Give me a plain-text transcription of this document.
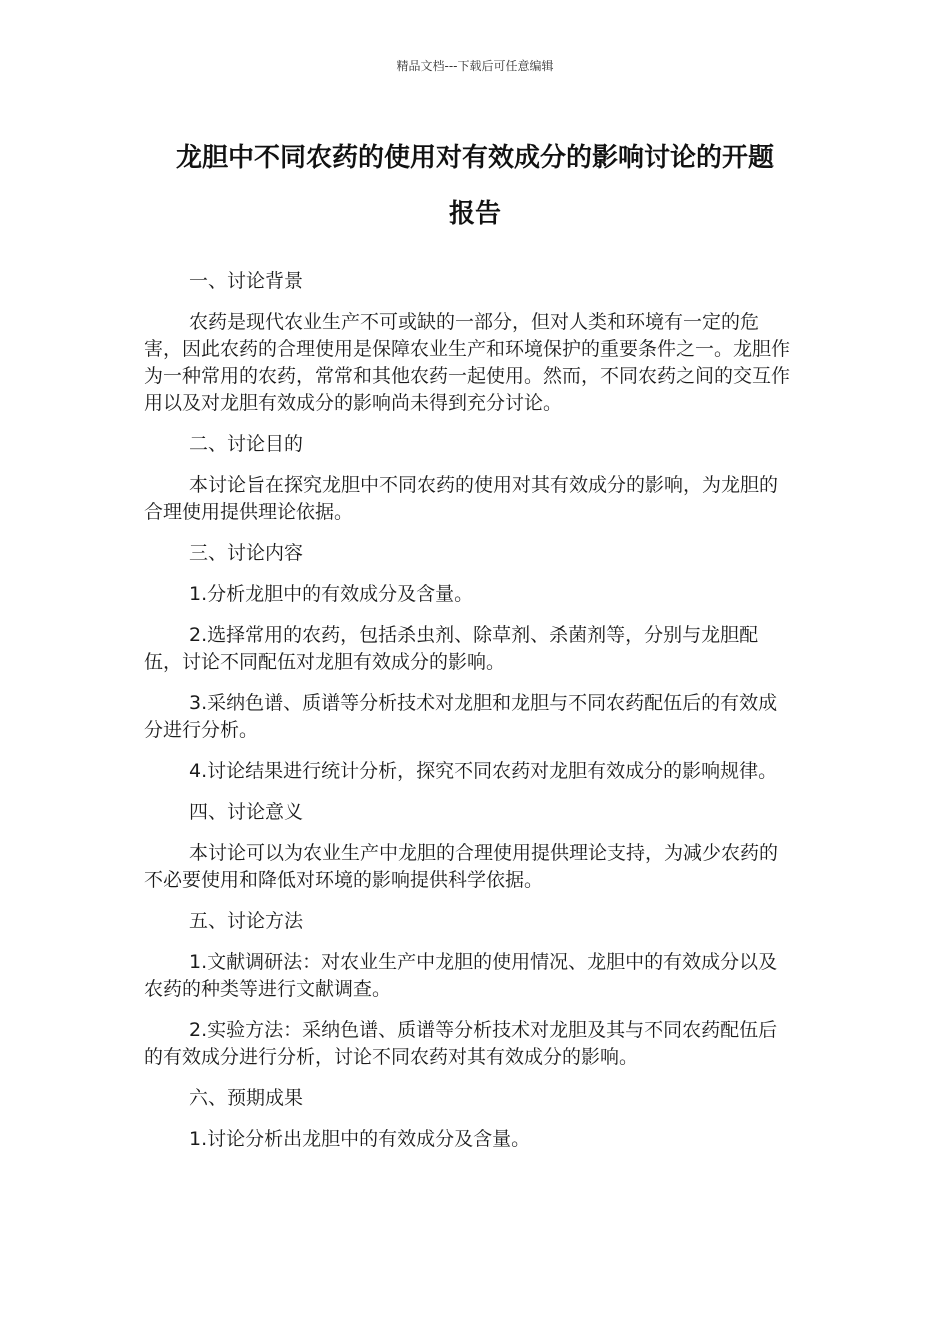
精品文档---下载后可任意编辑
龙胆中不同农药的使用对有效成分的影响讨论的开题
报告
一、讨论背景
农药是现代农业生产不可或缺的一部分，但对人类和环境有一定的危害，因此农药的合理使用是保障农业生产和环境保护的重要条件之一。龙胆作为一种常用的农药，常常和其他农药一起使用。然而，不同农药之间的交互作用以及对龙胆有效成分的影响尚未得到充分讨论。
二、讨论目的
本讨论旨在探究龙胆中不同农药的使用对其有效成分的影响，为龙胆的合理使用提供理论依据。
三、讨论内容
1.分析龙胆中的有效成分及含量。
2.选择常用的农药，包括杀虫剂、除草剂、杀菌剂等，分别与龙胆配伍，讨论不同配伍对龙胆有效成分的影响。
3.采纳色谱、质谱等分析技术对龙胆和龙胆与不同农药配伍后的有效成分进行分析。
4.讨论结果进行统计分析，探究不同农药对龙胆有效成分的影响规律。
四、讨论意义
本讨论可以为农业生产中龙胆的合理使用提供理论支持，为减少农药的不必要使用和降低对环境的影响提供科学依据。
五、讨论方法
1.文献调研法：对农业生产中龙胆的使用情况、龙胆中的有效成分以及农药的种类等进行文献调查。
2.实验方法：采纳色谱、质谱等分析技术对龙胆及其与不同农药配伍后的有效成分进行分析，讨论不同农药对其有效成分的影响。
六、预期成果
1.讨论分析出龙胆中的有效成分及含量。
